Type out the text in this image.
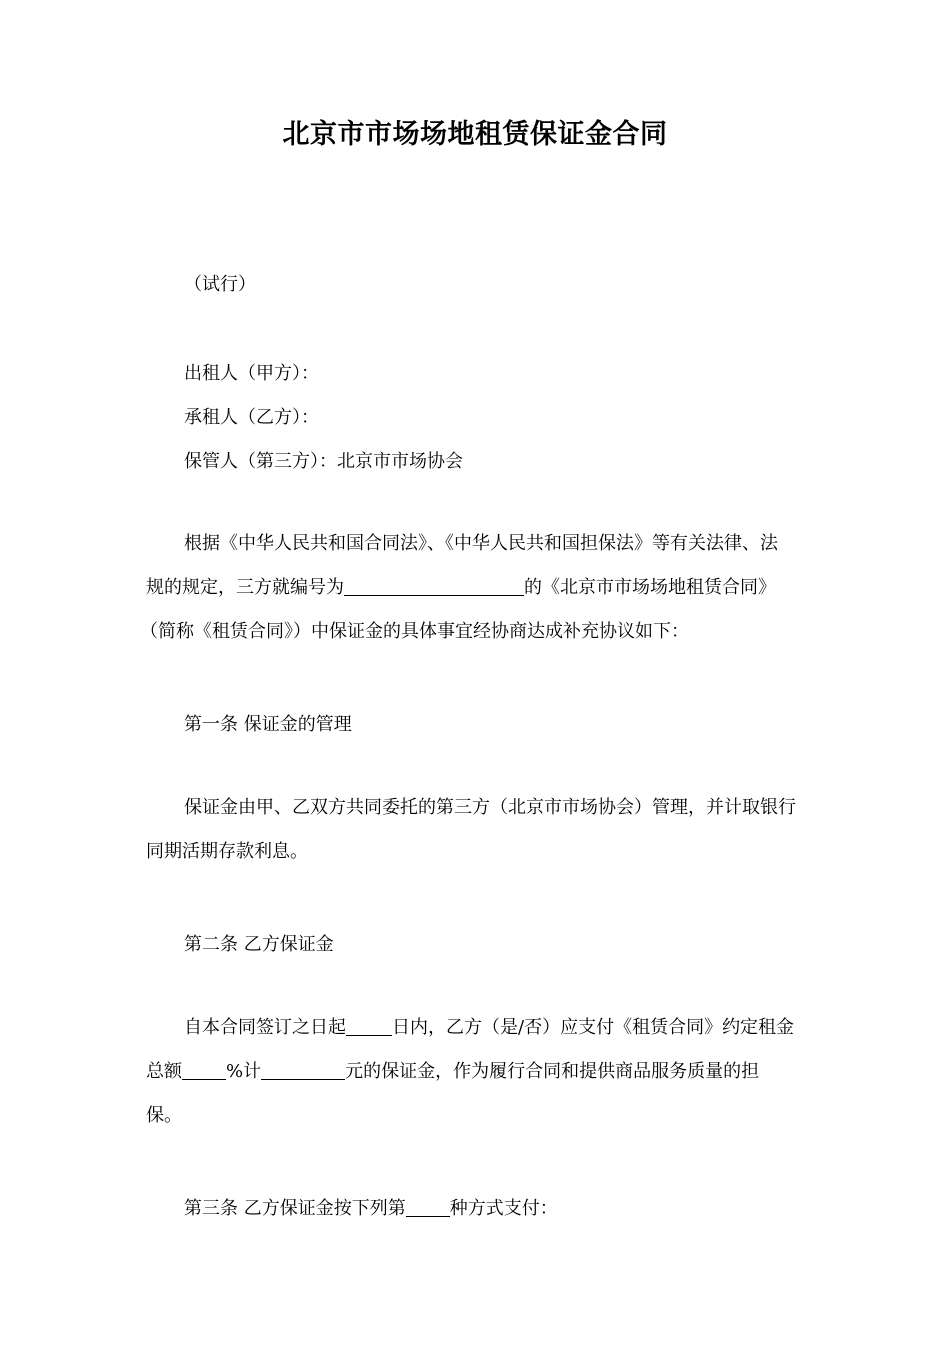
北京市市场场地租赁保证金合同
（试行）
出租人（甲方）：
承租人（乙方）：
保管人（第三方）：北京市市场协会
根据《中华人民共和国合同法》、《中华人民共和国担保法》等有关法律、法
规的规定，三方就编号为	的《北京市市场场地租赁合同》
（简称《租赁合同》）中保证金的具体事宜经协商达成补充协议如下：
第一条 保证金的管理
保证金由甲、乙双方共同委托的第三方（北京市市场协会）管理，并计取银行
同期活期存款利息。
第二条 乙方保证金
自本合同签订之日起	日内，乙方（是/否）应支付《租赁合同》约定租金
总额 %计	元的保证金，作为履行合同和提供商品服务质量的担
保。
第三条 乙方保证金按下列第 种方式支付：
